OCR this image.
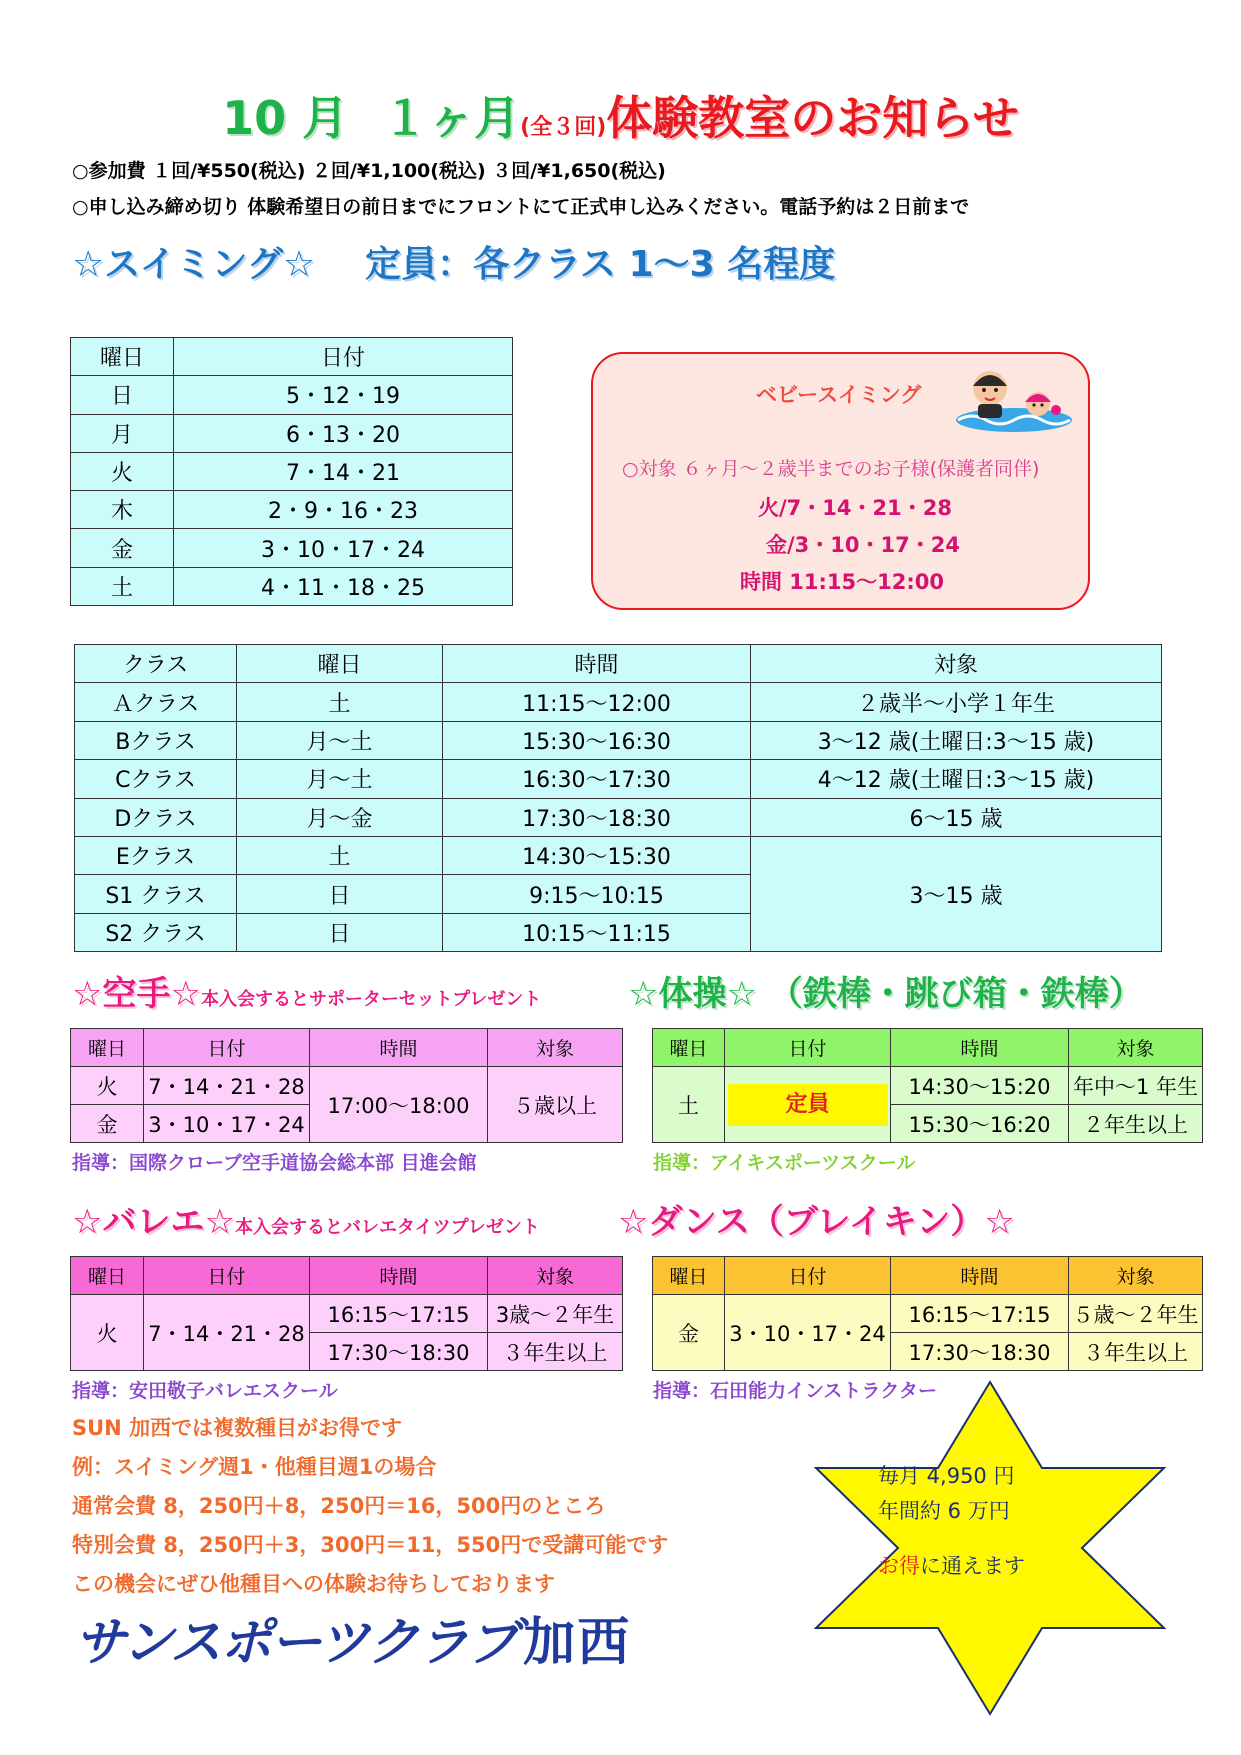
10 月 １ヶ月(全３回)体験教室のお知らせ
○参加費 １回/¥550(税込) ２回/¥1,100(税込) ３回/¥1,650(税込)
○申し込み締め切り 体験希望日の前日までにフロントにて正式申し込みください。電話予約は２日前まで
☆スイミング☆ 定員：各クラス 1～3 名程度
曜日	日付
日	5・12・19
月	6・13・20
火	7・14・21
木	2・9・16・23
金	3・10・17・24
土	4・11・18・25
ベビースイミング
○対象 ６ヶ月～２歳半までのお子様(保護者同伴)
火/7・14・21・28
金/3・10・17・24
時間 11:15～12:00
クラス	曜日	時間	対象
Ａクラス	土	11:15～12:00	２歳半～小学１年生
Bクラス	月～土	15:30～16:30	3～12 歳(土曜日:3～15 歳)
Cクラス	月～土	16:30～17:30	4～12 歳(土曜日:3～15 歳)
Dクラス	月～金	17:30～18:30	6～15 歳
Eクラス	土	14:30～15:30	3～15 歳
S1 クラス	日	9:15～10:15	
S2 クラス	日	10:15～11:15	
☆空手☆本入会するとサポーターセットプレゼント	☆体操☆ （鉄棒・跳び箱・鉄棒）
曜日	日付	時間	対象
火	7・14・21・28	17:00～18:00	５歳以上
金	3・10・17・24		
曜日	日付	時間	対象
土	定員	14:30～15:20	年中～1 年生
		15:30～16:20	２年生以上
指導：国際クローブ空手道協会総本部 目進会館	指導：アイキスポーツスクール
☆バレエ☆本入会するとバレエタイツプレゼント ☆ダンス（ブレイキン）☆
曜日	日付	時間	対象
火	7・14・21・28	16:15～17:15	3歳～２年生
		17:30～18:30	３年生以上
曜日	日付	時間	対象
金	3・10・17・24	16:15～17:15	５歳～２年生
		17:30～18:30	３年生以上
指導：安田敬子バレエスクール	指導：石田能力インストラクター
SUN 加西では複数種目がお得です
例：スイミング週1・他種目週1の場合
通常会費 8，250円＋8，250円＝16，500円のところ
特別会費 8，250円＋3，300円＝11，550円で受講可能です
この機会にぜひ他種目への体験お待ちしております
毎月 4,950 円
年間約 6 万円
お得に通えます
サンスポーツクラブ 加西
